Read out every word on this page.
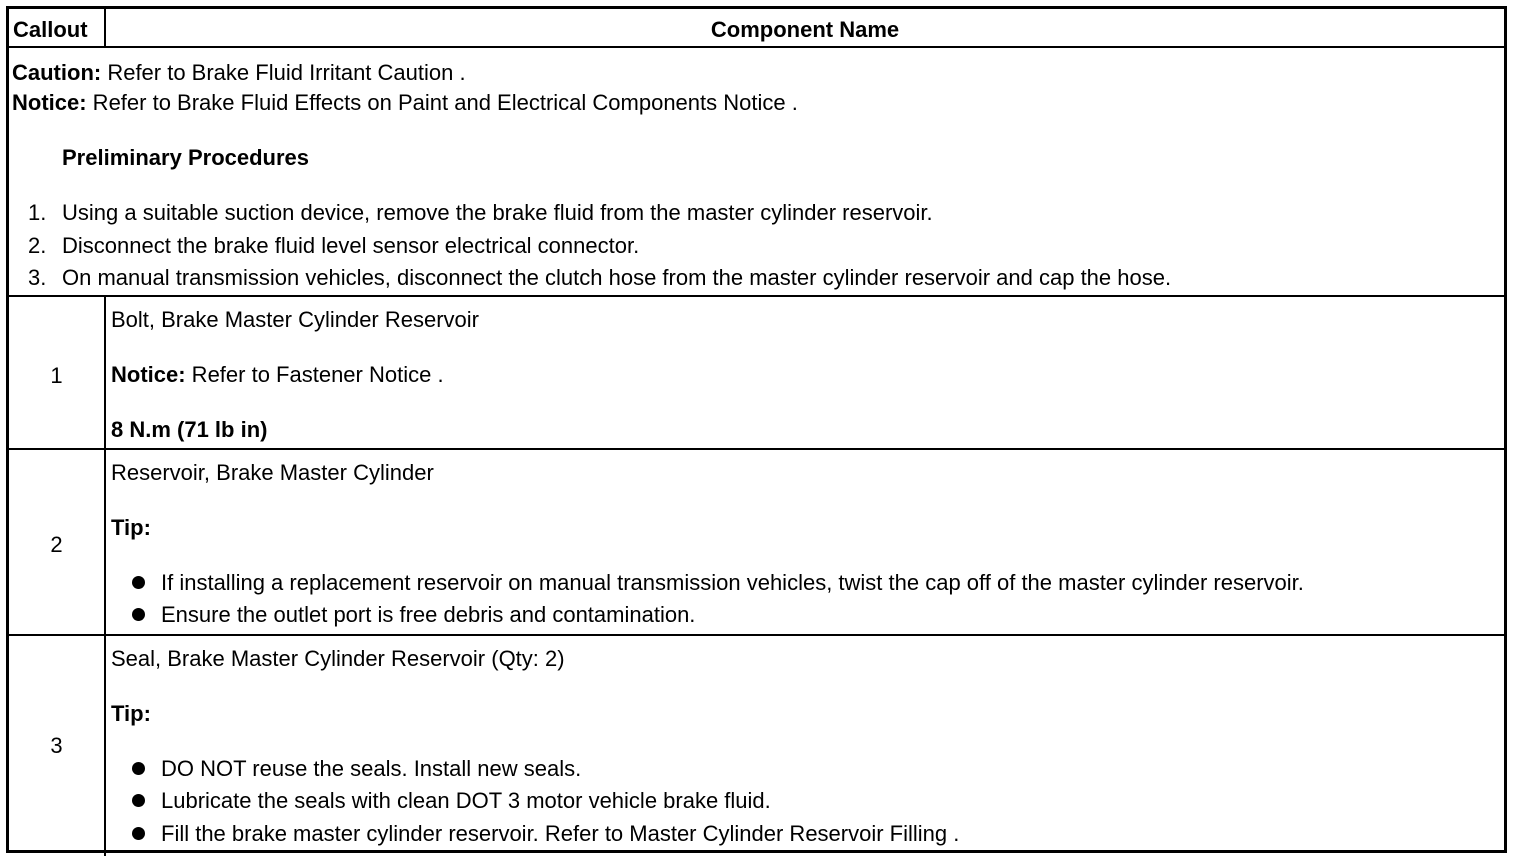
Callout	Component Name
Caution: Refer to Brake Fluid Irritant Caution .
Notice: Refer to Brake Fluid Effects on Paint and Electrical Components Notice .
Preliminary Procedures
1. Using a suitable suction device, remove the brake fluid from the master cylinder reservoir.
2. Disconnect the brake fluid level sensor electrical connector.
3. On manual transmission vehicles, disconnect the clutch hose from the master cylinder reservoir and cap the hose.
1
Bolt, Brake Master Cylinder Reservoir
Notice: Refer to Fastener Notice .
8 N.m (71 lb in)
2
Reservoir, Brake Master Cylinder
Tip:
If installing a replacement reservoir on manual transmission vehicles, twist the cap off of the master cylinder reservoir.
Ensure the outlet port is free debris and contamination.
3
Seal, Brake Master Cylinder Reservoir (Qty: 2)
Tip:
DO NOT reuse the seals. Install new seals.
Lubricate the seals with clean DOT 3 motor vehicle brake fluid.
Fill the brake master cylinder reservoir. Refer to Master Cylinder Reservoir Filling .
